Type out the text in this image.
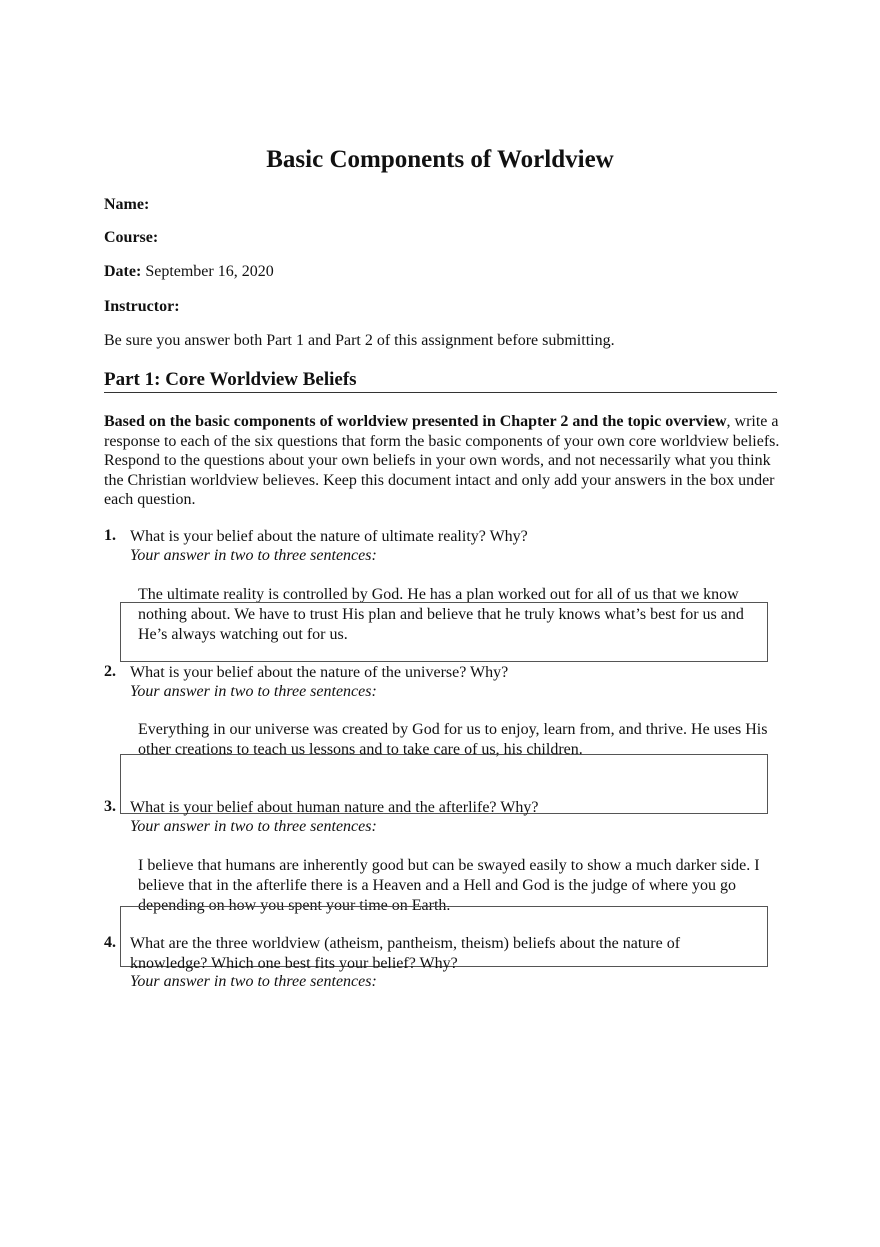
Basic Components of Worldview
Name:
Course:
Date: September 16, 2020
Instructor:
Be sure you answer both Part 1 and Part 2 of this assignment before submitting.
Part 1: Core Worldview Beliefs
Based on the basic components of worldview presented in Chapter 2 and the topic overview, write a response to each of the six questions that form the basic components of your own core worldview beliefs. Respond to the questions about your own beliefs in your own words, and not necessarily what you think the Christian worldview believes. Keep this document intact and only add your answers in the box under each question.
1. What is your belief about the nature of ultimate reality? Why?
Your answer in two to three sentences:
The ultimate reality is controlled by God. He has a plan worked out for all of us that we know nothing about. We have to trust His plan and believe that he truly knows what’s best for us and He’s always watching out for us.
2. What is your belief about the nature of the universe? Why?
Your answer in two to three sentences:
Everything in our universe was created by God for us to enjoy, learn from, and thrive. He uses His other creations to teach us lessons and to take care of us, his children.
3. What is your belief about human nature and the afterlife? Why?
Your answer in two to three sentences:
I believe that humans are inherently good but can be swayed easily to show a much darker side. I believe that in the afterlife there is a Heaven and a Hell and God is the judge of where you go depending on how you spent your time on Earth.
4. What are the three worldview (atheism, pantheism, theism) beliefs about the nature of knowledge? Which one best fits your belief? Why?
Your answer in two to three sentences:
